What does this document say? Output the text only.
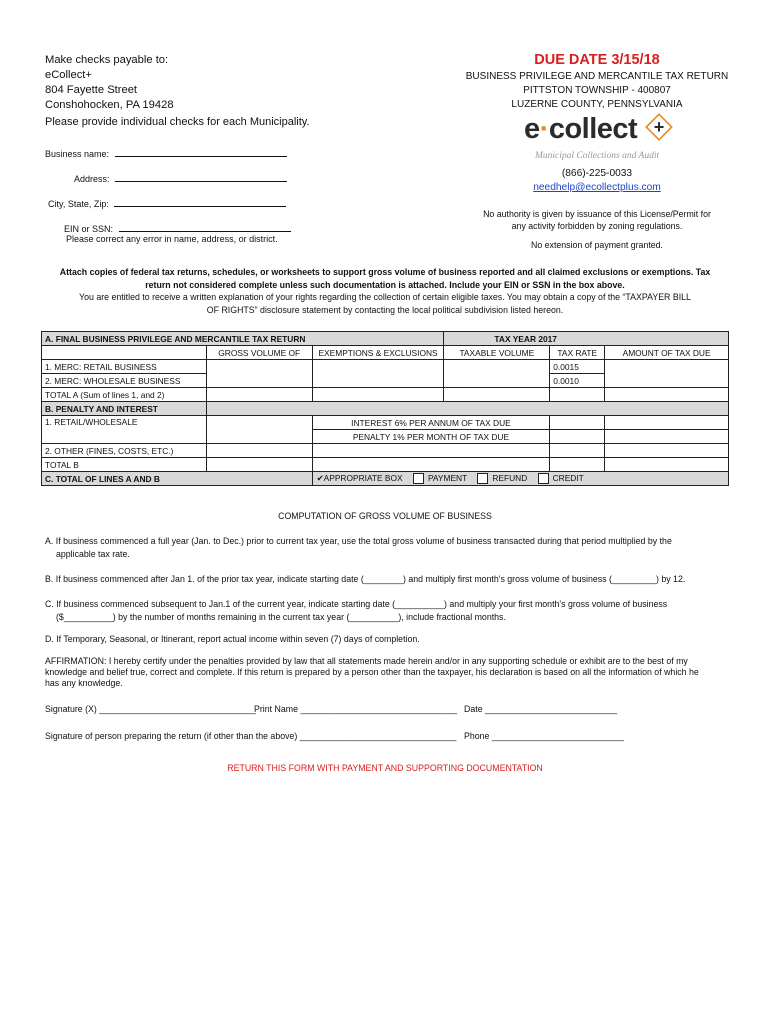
Make checks payable to:
eCollect+
804 Fayette Street
Conshohocken, PA 19428
Please provide individual checks for each Municipality.
Business name:
Address:
City, State, Zip:
EIN or SSN:
Please correct any error in name, address, or district.
DUE DATE 3/15/18
BUSINESS PRIVILEGE AND MERCANTILE TAX RETURN
PITTSTON TOWNSHIP - 400807
LUZERNE COUNTY, PENNSYLVANIA
e·collect +
Municipal Collections and Audit
(866)-225-0033
needhelp@ecollectplus.com
No authority is given by issuance of this License/Permit for
any activity forbidden by zoning regulations.
No extension of payment granted.
Attach copies of federal tax returns, schedules, or worksheets to support gross volume of business reported and all claimed exclusions or exemptions. Tax
return not considered complete unless such documentation is attached. Include your EIN or SSN in the box above.
You are entitled to receive a written explanation of your rights regarding the collection of certain eligible taxes. You may obtain a copy of the “TAXPAYER BILL
OF RIGHTS” disclosure statement by contacting the local political subdivision listed hereon.
A. FINAL BUSINESS PRIVILEGE AND MERCANTILE TAX RETURN			TAX YEAR 2017		
	GROSS VOLUME OF	EXEMPTIONS & EXCLUSIONS	TAXABLE VOLUME	TAX RATE	AMOUNT OF TAX DUE
1. MERC: RETAIL BUSINESS				0.0015	
2. MERC: WHOLESALE BUSINESS				0.0010	
TOTAL A (Sum of lines 1, and 2)					
B. PENALTY AND INTEREST					
1. RETAIL/WHOLESALE		INTEREST 6% PER ANNUM OF TAX DUE			
		PENALTY 1% PER MONTH OF TAX DUE			
2. OTHER (FINES, COSTS, ETC.)					
TOTAL B					
C. TOTAL OF LINES A AND B		✔APPROPRIATE BOX PAYMENT REFUND CREDIT			
COMPUTATION OF GROSS VOLUME OF BUSINESS
A. If business commenced a full year (Jan. to Dec.) prior to current tax year, use the total gross volume of business transacted during that period multiplied by the
applicable tax rate.
B. If business commenced after Jan 1. of the prior tax year, indicate starting date (________) and multiply first month's gross volume of business (_________) by 12.
C. If business commenced subsequent to Jan.1 of the current year, indicate starting date (__________) and multiply your first month's gross volume of business
($__________) by the number of months remaining in the current tax year (__________), include fractional months.
D. If Temporary, Seasonal, or Itinerant, report actual income within seven (7) days of completion.
AFFIRMATION: I hereby certify under the penalties provided by law that all statements made herein and/or in any supporting schedule or exhibit are to the best of my
knowledge and belief true, correct and complete. If this return is prepared by a person other than the taxpayer, his declaration is based on all the information of which he
has any knowledge.
Signature (X) ________________________________
Print Name ________________________________ Date ___________________________
Signature of person preparing the return (if other than the above) ________________________________ Phone ___________________________
RETURN THIS FORM WITH PAYMENT AND SUPPORTING DOCUMENTATION
